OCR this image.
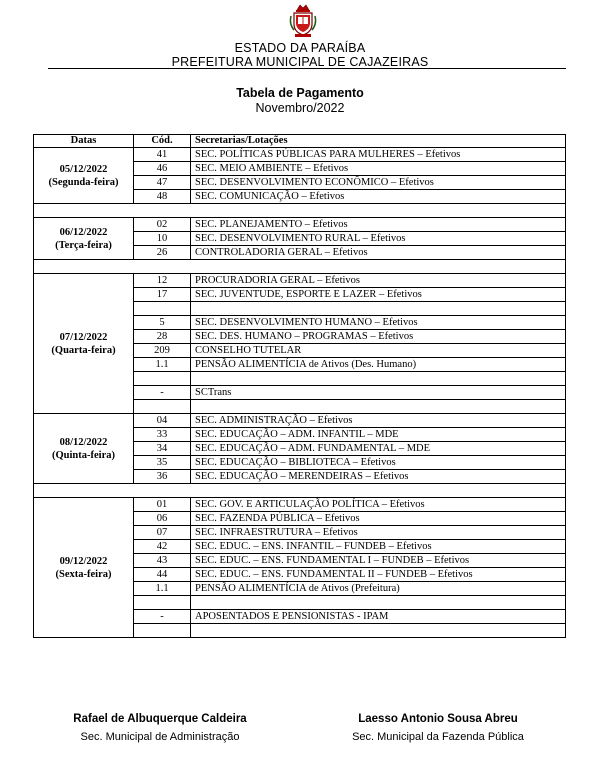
ESTADO DA PARAÍBA
PREFEITURA MUNICIPAL DE CAJAZEIRAS
Tabela de Pagamento
Novembro/2022
Datas	Cód.	Secretarias/Lotações
05/12/2022
(Segunda-feira)	41	SEC. POLÍTICAS PÚBLICAS PARA MULHERES – Efetivos
	46	SEC. MEIO AMBIENTE – Efetivos
	47	SEC. DESENVOLVIMENTO ECONÔMICO – Efetivos
	48	SEC. COMUNICAÇÃO – Efetivos

06/12/2022
(Terça-feira)	02	SEC. PLANEJAMENTO – Efetivos
	10	SEC. DESENVOLVIMENTO RURAL – Efetivos
	26	CONTROLADORIA GERAL – Efetivos

07/12/2022
(Quarta-feira)	12	PROCURADORIA GERAL – Efetivos
	17	SEC. JUVENTUDE, ESPORTE E LAZER – Efetivos

	5	SEC. DESENVOLVIMENTO HUMANO – Efetivos
	28	SEC. DES. HUMANO – PROGRAMAS – Efetivos
	209	CONSELHO TUTELAR
	1.1	PENSÃO ALIMENTÍCIA de Ativos (Des. Humano)

	-	SCTrans

08/12/2022
(Quinta-feira)	04	SEC. ADMINISTRAÇÃO – Efetivos
	33	SEC. EDUCAÇÃO – ADM. INFANTIL – MDE
	34	SEC. EDUCAÇÃO – ADM. FUNDAMENTAL – MDE
	35	SEC. EDUCAÇÃO – BIBLIOTECA – Efetivos
	36	SEC. EDUCAÇÃO – MERENDEIRAS – Efetivos

09/12/2022
(Sexta-feira)	01	SEC. GOV. E ARTICULAÇÃO POLÍTICA – Efetivos
	06	SEC. FAZENDA PÚBLICA – Efetivos
	07	SEC. INFRAESTRUTURA – Efetivos
	42	SEC. EDUC. – ENS. INFANTIL – FUNDEB – Efetivos
	43	SEC. EDUC. – ENS. FUNDAMENTAL I – FUNDEB – Efetivos
	44	SEC. EDUC. – ENS. FUNDAMENTAL II – FUNDEB – Efetivos
	1.1	PENSÃO ALIMENTÍCIA de Ativos (Prefeitura)

	-	APOSENTADOS E PENSIONISTAS - IPAM

Rafael de Albuquerque Caldeira
Sec. Municipal de Administração
Laesso Antonio Sousa Abreu
Sec. Municipal da Fazenda Pública
